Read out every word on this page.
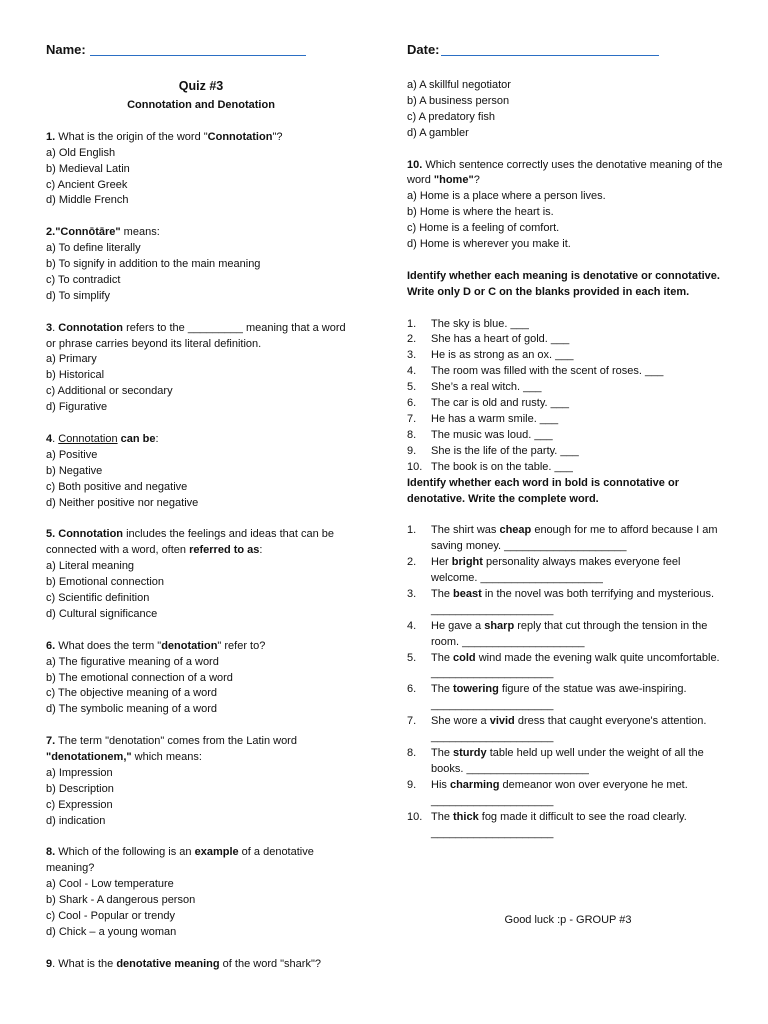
Name:	Date:

Quiz #3

Connotation and Denotation

1. What is the origin of the word "Connotation"?

a) Old English

b) Medieval Latin

c) Ancient Greek

d) Middle French

2."Connōtāre" means:

a) To define literally

b) To signify in addition to the main meaning

c) To contradict

d) To simplify

3. Connotation refers to the _________ meaning that a word or phrase carries beyond its literal definition.

a) Primary

b) Historical

c) Additional or secondary

d) Figurative

4. Connotation can be:

a) Positive

b) Negative

c) Both positive and negative

d) Neither positive nor negative

5. Connotation includes the feelings and ideas that can be connected with a word, often referred to as:

a) Literal meaning

b) Emotional connection

c) Scientific definition

d) Cultural significance

6. What does the term "denotation" refer to?

a) The figurative meaning of a word

b) The emotional connection of a word

c) The objective meaning of a word

d) The symbolic meaning of a word

7. The term "denotation" comes from the Latin word "denotationem," which means:

a) Impression

b) Description

c) Expression

d) indication

8. Which of the following is an example of a denotative meaning?

a) Cool - Low temperature

b) Shark - A dangerous person

c) Cool - Popular or trendy

d) Chick – a young woman

9. What is the denotative meaning of the word "shark"?

a) A skillful negotiator

b) A business person

c) A predatory fish

d) A gambler

10. Which sentence correctly uses the denotative meaning of the word "home"?

a) Home is a place where a person lives.

b) Home is where the heart is.

c) Home is a feeling of comfort.

d) Home is wherever you make it.

Identify whether each meaning is denotative or connotative.

Write only D or C on the blanks provided in each item.

1. The sky is blue. ___
2. She has a heart of gold. ___
3. He is as strong as an ox. ___
4. The room was filled with the scent of roses. ___
5. She’s a real witch. ___
6. The car is old and rusty. ___
7. He has a warm smile. ___
8. The music was loud. ___
9. She is the life of the party. ___
10. The book is on the table. ___

Identify whether each word in bold is connotative or denotative. Write the complete word.

1. The shirt was cheap enough for me to afford because I am saving money. ____________________
2. Her bright personality always makes everyone feel welcome. ____________________
3. The beast in the novel was both terrifying and mysterious. ____________________
4. He gave a sharp reply that cut through the tension in the room. ____________________
5. The cold wind made the evening walk quite uncomfortable. ____________________
6. The towering figure of the statue was awe-inspiring. ____________________
7. She wore a vivid dress that caught everyone's attention. ____________________
8. The sturdy table held up well under the weight of all the books. ____________________
9. His charming demeanor won over everyone he met. ____________________
10. The thick fog made it difficult to see the road clearly. ____________________
Good luck :p - GROUP #3
